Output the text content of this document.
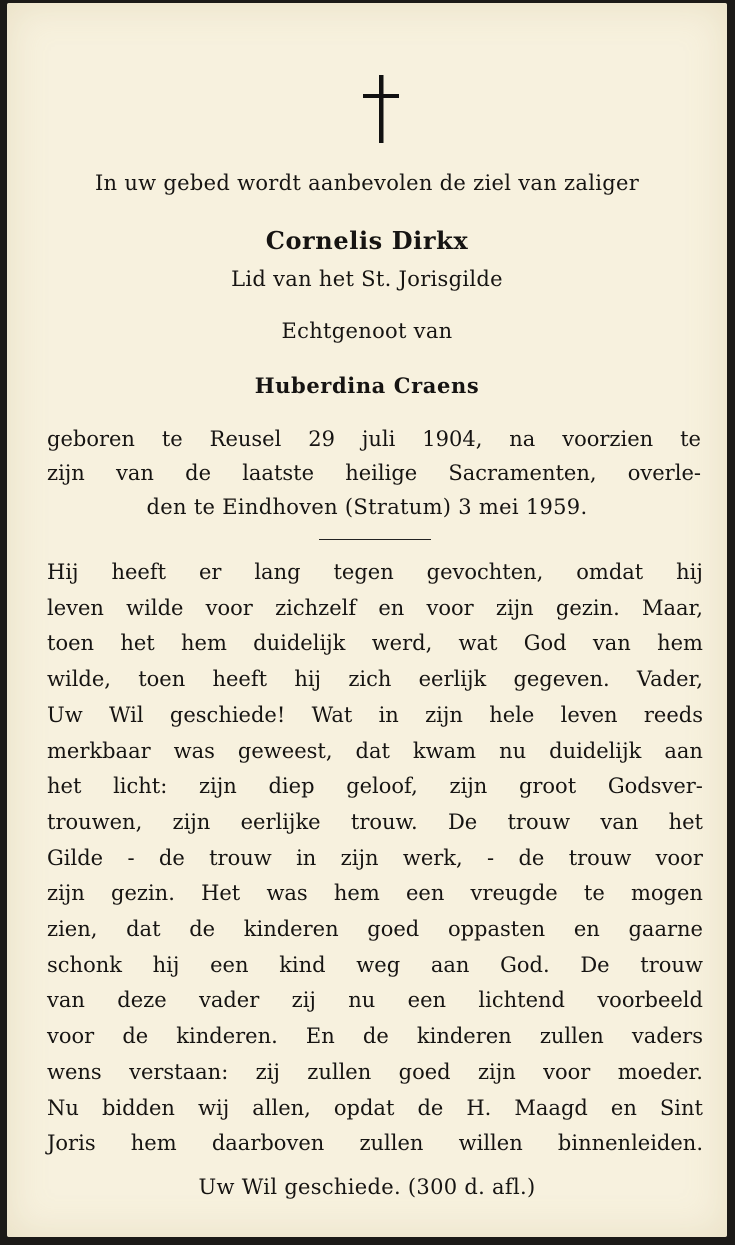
In uw gebed wordt aanbevolen de ziel van zaliger
Cornelis Dirkx
Lid van het St. Jorisgilde
Echtgenoot van
Huberdina Craens
geboren te Reusel 29 juli 1904, na voorzien te
zijn van de laatste heilige Sacramenten, overle-
den te Eindhoven (Stratum) 3 mei 1959.
Hij heeft er lang tegen gevochten, omdat hij
leven wilde voor zichzelf en voor zijn gezin. Maar,
toen het hem duidelijk werd, wat God van hem
wilde, toen heeft hij zich eerlijk gegeven. Vader,
Uw Wil geschiede! Wat in zijn hele leven reeds
merkbaar was geweest, dat kwam nu duidelijk aan
het licht: zijn diep geloof, zijn groot Godsver-
trouwen, zijn eerlijke trouw. De trouw van het
Gilde - de trouw in zijn werk, - de trouw voor
zijn gezin. Het was hem een vreugde te mogen
zien, dat de kinderen goed oppasten en gaarne
schonk hij een kind weg aan God. De trouw
van deze vader zij nu een lichtend voorbeeld
voor de kinderen. En de kinderen zullen vaders
wens verstaan: zij zullen goed zijn voor moeder.
Nu bidden wij allen, opdat de H. Maagd en Sint
Joris hem daarboven zullen willen binnenleiden.
Uw Wil geschiede. (300 d. afl.)
